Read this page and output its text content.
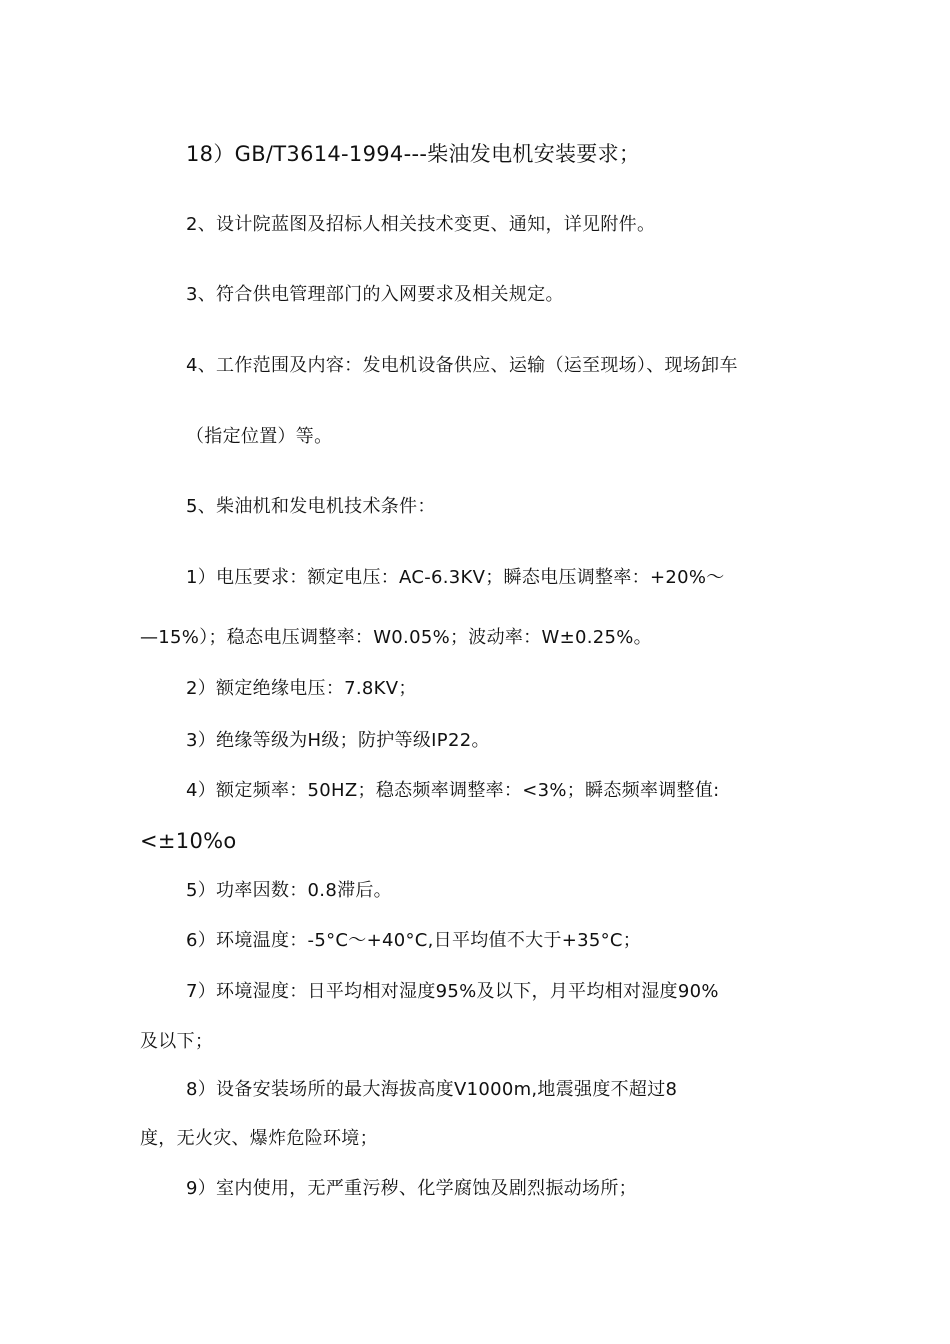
18）GB/T3614-1994---柴油发电机安装要求；
2、设计院蓝图及招标人相关技术变更、通知，详见附件。
3、符合供电管理部门的入网要求及相关规定。
4、工作范围及内容：发电机设备供应、运输（运至现场）、现场卸车
（指定位置）等。
5、柴油机和发电机技术条件：
1）电压要求：额定电压：AC-6.3KV；瞬态电压调整率：+20%〜
—15%）；稳态电压调整率：W0.05%；波动率：W±0.25%。
2）额定绝缘电压：7.8KV；
3）绝缘等级为H级；防护等级IP22。
4）额定频率：50HZ；稳态频率调整率：<3%；瞬态频率调整值:
<±10%o
5）功率因数：0.8滞后。
6）环境温度：-5°C〜+40°C,日平均值不大于+35°C；
7）环境湿度：日平均相对湿度95%及以下，月平均相对湿度90%
及以下；
8）设备安装场所的最大海拔高度V1000m,地震强度不超过8
度，无火灾、爆炸危险环境；
9）室内使用，无严重污秽、化学腐蚀及剧烈振动场所；
